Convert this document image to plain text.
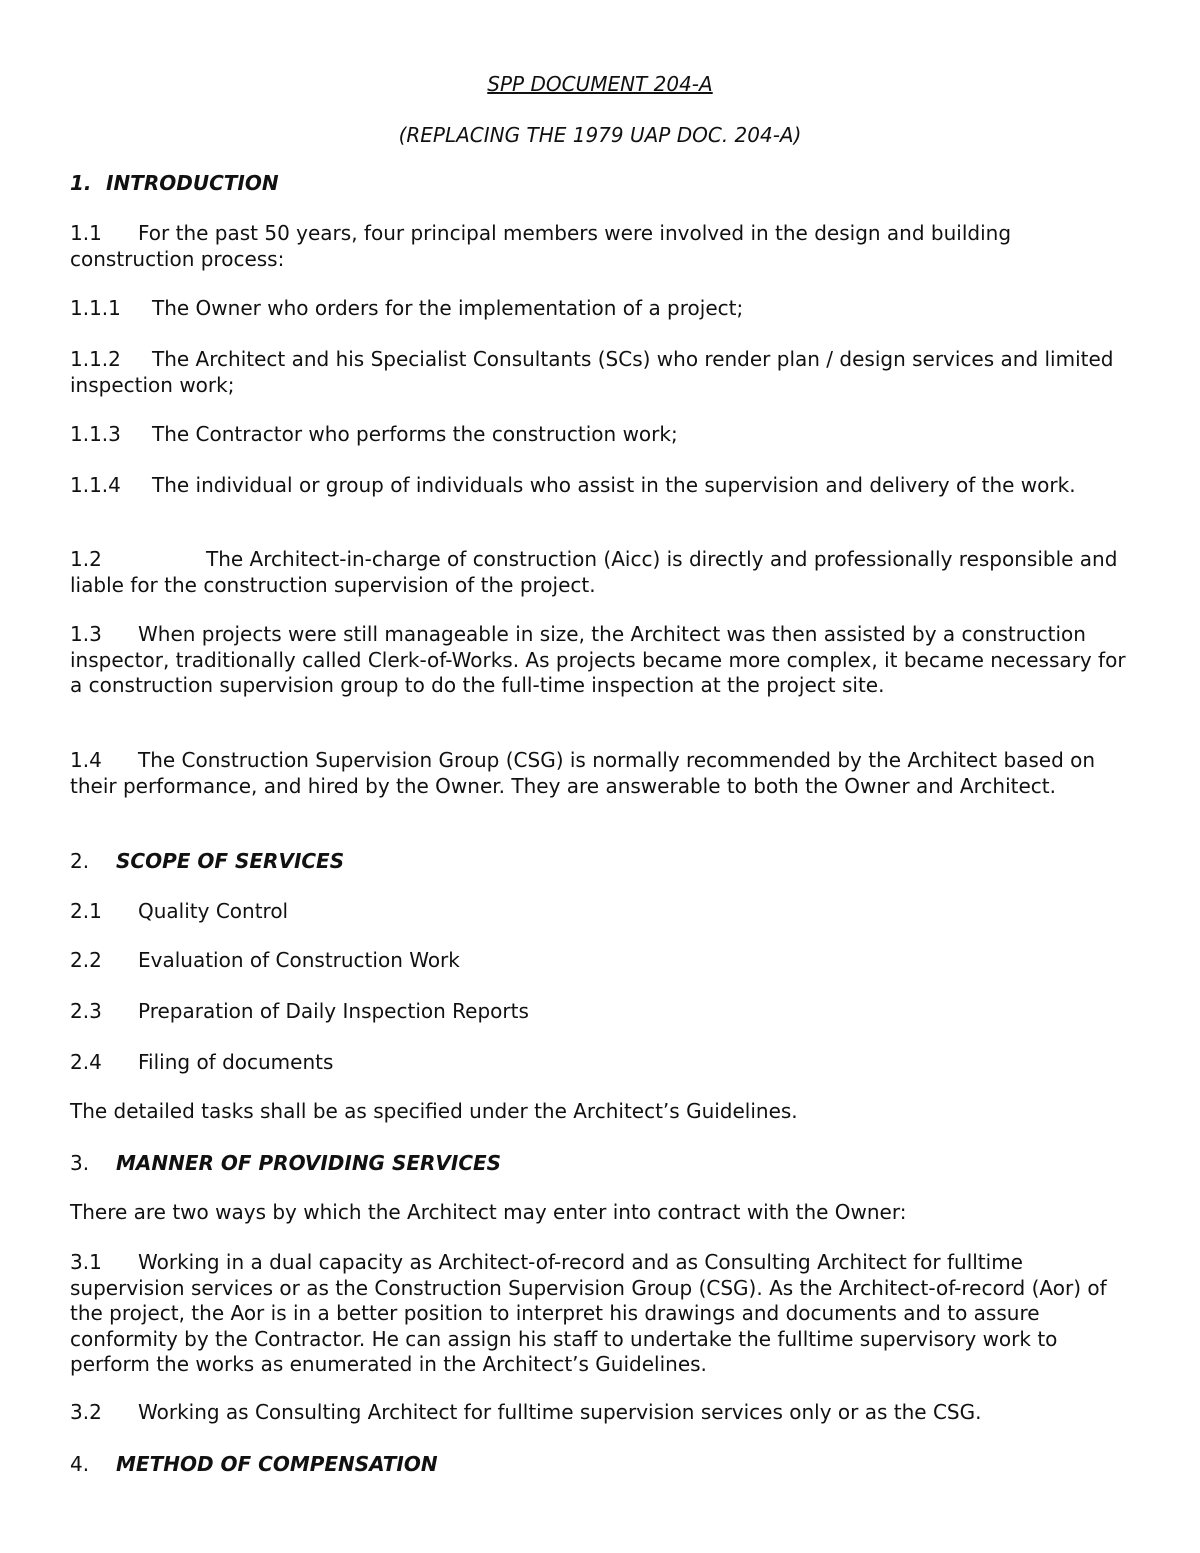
SPP DOCUMENT 204-A

(REPLACING THE 1979 UAP DOC. 204-A)

1. INTRODUCTION

1.1 For the past 50 years, four principal members were involved in the design and building construction process:

1.1.1 The Owner who orders for the implementation of a project;

1.1.2 The Architect and his Specialist Consultants (SCs) who render plan / design services and limited inspection work;

1.1.3 The Contractor who performs the construction work;

1.1.4 The individual or group of individuals who assist in the supervision and delivery of the work.

1.2	The Architect-in-charge of construction (Aicc) is directly and professionally responsible and liable for the construction supervision of the project.

1.3 When projects were still manageable in size, the Architect was then assisted by a construction inspector, traditionally called Clerk-of-Works. As projects became more complex, it became necessary for a construction supervision group to do the full-time inspection at the project site.

1.4 The Construction Supervision Group (CSG) is normally recommended by the Architect based on their performance, and hired by the Owner. They are answerable to both the Owner and Architect.

2. SCOPE OF SERVICES

2.1 Quality Control

2.2 Evaluation of Construction Work

2.3 Preparation of Daily Inspection Reports

2.4 Filing of documents

The detailed tasks shall be as specified under the Architect’s Guidelines.

3. MANNER OF PROVIDING SERVICES

There are two ways by which the Architect may enter into contract with the Owner:

3.1 Working in a dual capacity as Architect-of-record and as Consulting Architect for fulltime supervision services or as the Construction Supervision Group (CSG). As the Architect-of-record (Aor) of the project, the Aor is in a better position to interpret his drawings and documents and to assure conformity by the Contractor. He can assign his staff to undertake the fulltime supervisory work to perform the works as enumerated in the Architect’s Guidelines.

3.2 Working as Consulting Architect for fulltime supervision services only or as the CSG.

4. METHOD OF COMPENSATION
